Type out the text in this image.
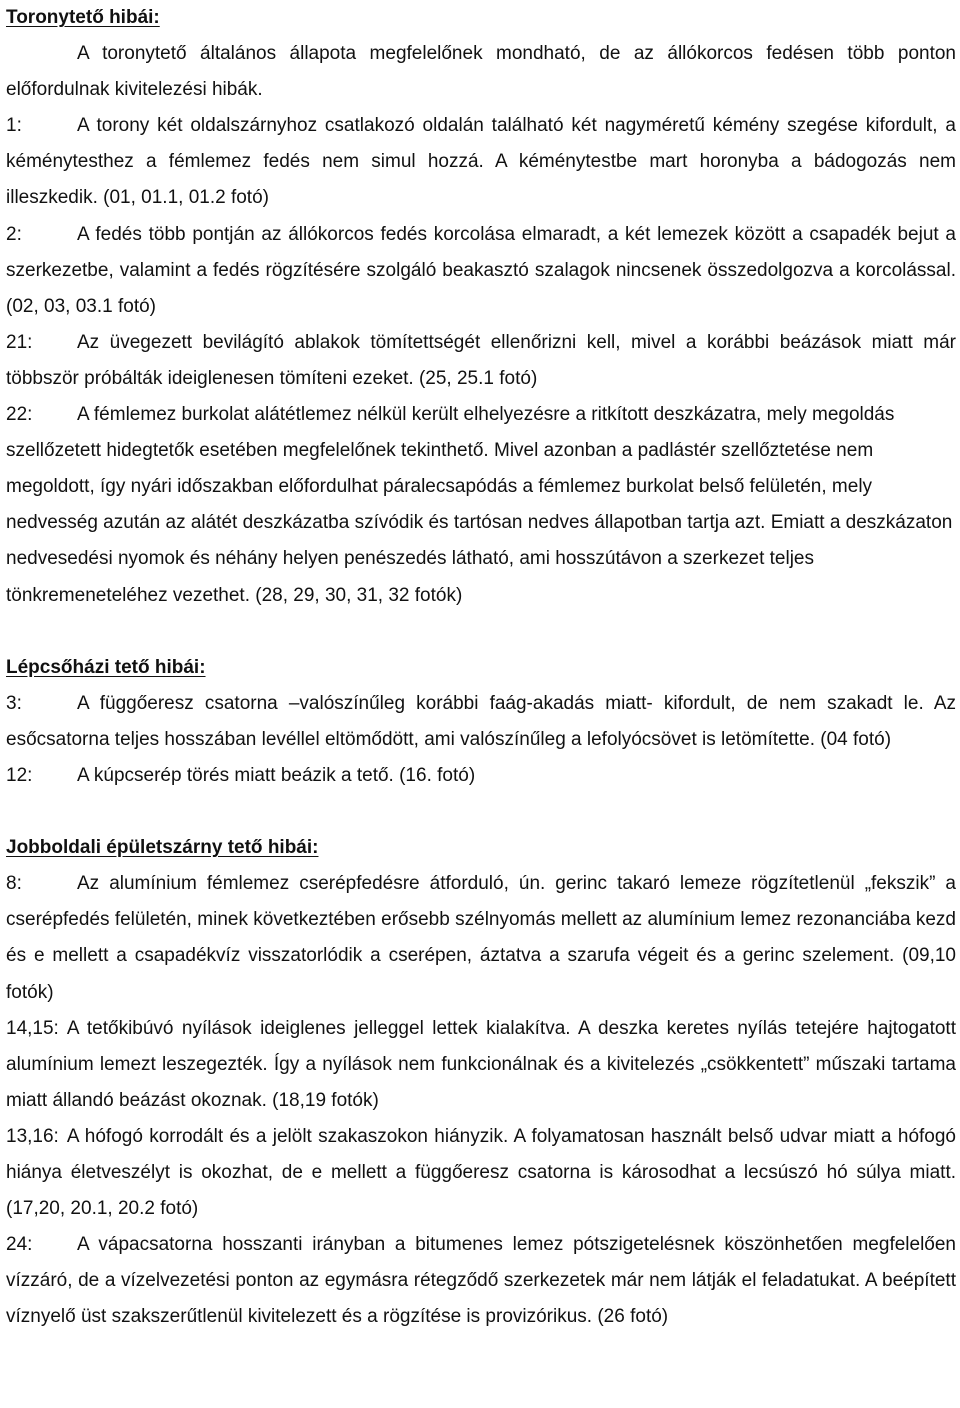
Toronytető hibái:

A toronytető általános állapota megfelelőnek mondható, de az állókorcos fedésen több ponton előfordulnak kivitelezési hibák.

1:	A torony két oldalszárnyhoz csatlakozó oldalán található két nagyméretű kémény szegése kifordult, a kéménytesthez a fémlemez fedés nem simul hozzá. A kéménytestbe mart horonyba a bádogozás nem illeszkedik. (01, 01.1, 01.2 fotó)

2:	A fedés több pontján az állókorcos fedés korcolása elmaradt, a két lemezek között a csapadék bejut a szerkezetbe, valamint a fedés rögzítésére szolgáló beakasztó szalagok nincsenek összedolgozva a korcolással. (02, 03, 03.1 fotó)

21: Az üvegezett bevilágító ablakok tömítettségét ellenőrizni kell, mivel a korábbi beázások miatt már többször próbálták ideiglenesen tömíteni ezeket. (25, 25.1 fotó)

22: A fémlemez burkolat alátétlemez nélkül került elhelyezésre a ritkított deszkázatra, mely megoldás szellőzetett hidegtetők esetében megfelelőnek tekinthető. Mivel azonban a padlástér szellőztetése nem megoldott, így nyári időszakban előfordulhat páralecsapódás a fémlemez burkolat belső felületén, mely nedvesség azután az alátét deszkázatba szívódik és tartósan nedves állapotban tartja azt. Emiatt a deszkázaton nedvesedési nyomok és néhány helyen penészedés látható, ami hosszútávon a szerkezet teljes tönkremeneteléhez vezethet. (28, 29, 30, 31, 32 fotók)

Lépcsőházi tető hibái:

3:	A függőeresz csatorna –valószínűleg korábbi faág-akadás miatt- kifordult, de nem szakadt le. Az esőcsatorna teljes hosszában levéllel eltömődött, ami valószínűleg a lefolyócsövet is letömítette. (04 fotó)

12: A kúpcserép törés miatt beázik a tető. (16. fotó)

Jobboldali épületszárny tető hibái:

8:	Az alumínium fémlemez cserépfedésre átforduló, ún. gerinc takaró lemeze rögzítetlenül „fekszik” a cserépfedés felületén, minek következtében erősebb szélnyomás mellett az alumínium lemez rezonanciába kezd és e mellett a csapadékvíz visszatorlódik a cserépen, áztatva a szarufa végeit és a gerinc szelement. (09,10 fotók)

14,15: A tetőkibúvó nyílások ideiglenes jelleggel lettek kialakítva. A deszka keretes nyílás tetejére hajtogatott alumínium lemezt leszegezték. Így a nyílások nem funkcionálnak és a kivitelezés „csökkentett” műszaki tartama miatt állandó beázást okoznak. (18,19 fotók)

13,16: A hófogó korrodált és a jelölt szakaszokon hiányzik. A folyamatosan használt belső udvar miatt a hófogó hiánya életveszélyt is okozhat, de e mellett a függőeresz csatorna is károsodhat a lecsúszó hó súlya miatt. (17,20, 20.1, 20.2 fotó)

24: A vápacsatorna hosszanti irányban a bitumenes lemez pótszigetelésnek köszönhetően megfelelően vízzáró, de a vízelvezetési ponton az egymásra rétegződő szerkezetek már nem látják el feladatukat. A beépített víznyelő üst szakszerűtlenül kivitelezett és a rögzítése is provizórikus. (26 fotó)
